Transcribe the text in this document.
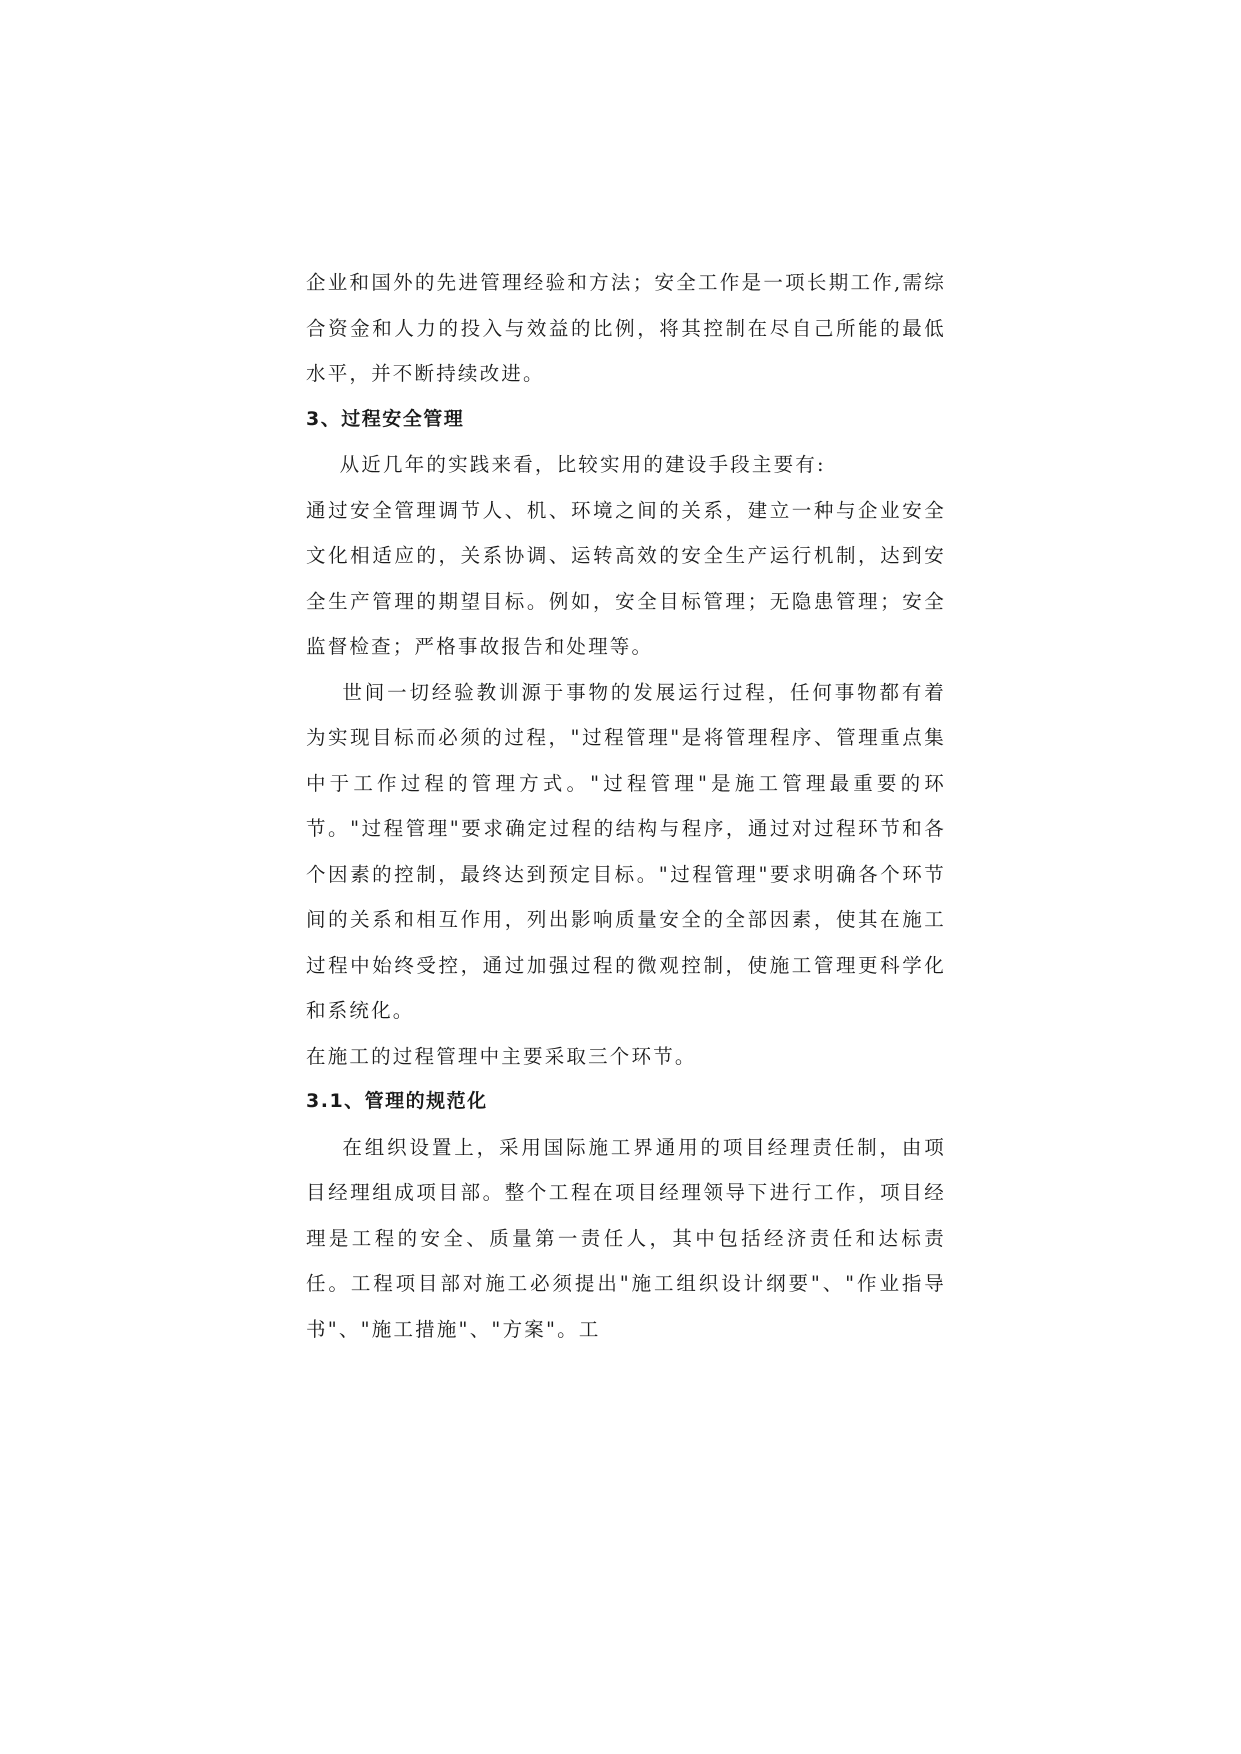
企业和国外的先进管理经验和方法；安全工作是一项长期工作,需综合资金和人力的投入与效益的比例，将其控制在尽自己所能的最低水平，并不断持续改进。

3、过程安全管理

从近几年的实践来看，比较实用的建设手段主要有:

通过安全管理调节人、机、环境之间的关系，建立一种与企业安全文化相适应的，关系协调、运转高效的安全生产运行机制，达到安全生产管理的期望目标。例如，安全目标管理；无隐患管理；安全监督检查；严格事故报告和处理等。

世间一切经验教训源于事物的发展运行过程，任何事物都有着为实现目标而必须的过程，"过程管理"是将管理程序、管理重点集中于工作过程的管理方式。"过程管理"是施工管理最重要的环节。"过程管理"要求确定过程的结构与程序，通过对过程环节和各个因素的控制，最终达到预定目标。"过程管理"要求明确各个环节间的关系和相互作用，列出影响质量安全的全部因素，使其在施工过程中始终受控，通过加强过程的微观控制，使施工管理更科学化和系统化。

在施工的过程管理中主要采取三个环节。

3.1、管理的规范化

在组织设置上，采用国际施工界通用的项目经理责任制，由项目经理组成项目部。整个工程在项目经理领导下进行工作，项目经理是工程的安全、质量第一责任人，其中包括经济责任和达标责任。工程项目部对施工必须提出"施工组织设计纲要"、"作业指导书"、"施工措施"、"方案"。工
